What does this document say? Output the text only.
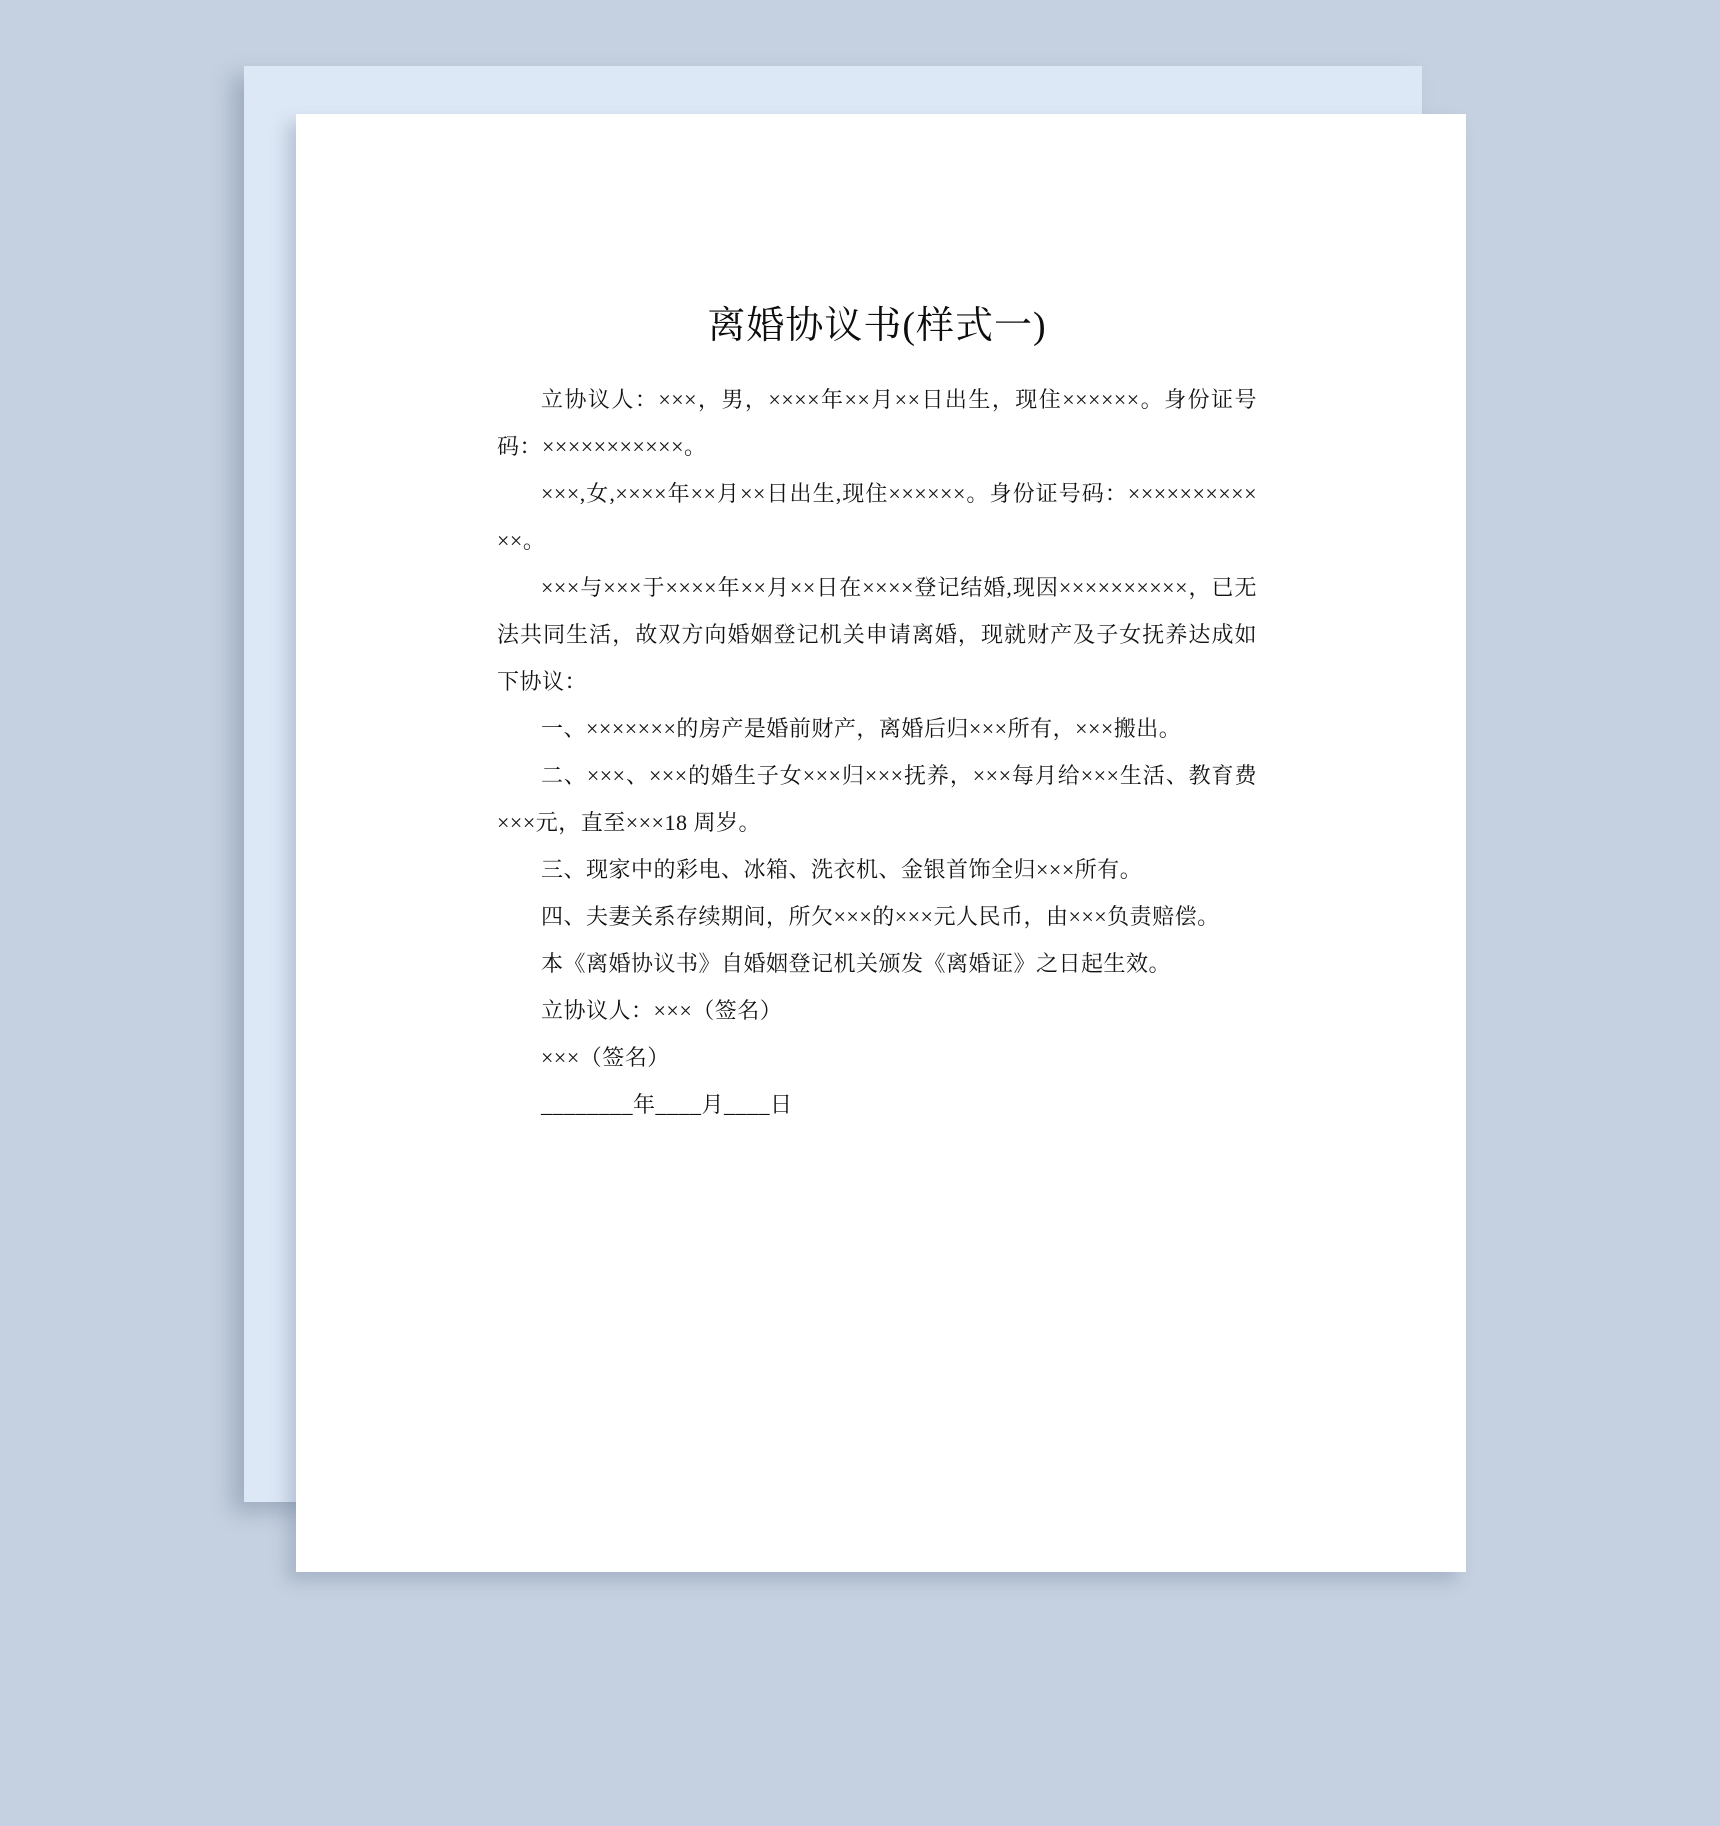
离婚协议书(样式一)

立协议人：×××，男，××××年××月××日出生，现住××××××。身份证号码：×××××××××××。

×××,女,××××年××月××日出生,现住××××××。身份证号码：××××××××××××。

×××与×××于××××年××月××日在××××登记结婚,现因××××××××××，已无法共同生活，故双方向婚姻登记机关申请离婚，现就财产及子女抚养达成如下协议：

一、×××××××的房产是婚前财产，离婚后归×××所有，×××搬出。

二、×××、×××的婚生子女×××归×××抚养，×××每月给×××生活、教育费×××元，直至×××18 周岁。

三、现家中的彩电、冰箱、洗衣机、金银首饰全归×××所有。

四、夫妻关系存续期间，所欠×××的×××元人民币，由×××负责赔偿。

本《离婚协议书》自婚姻登记机关颁发《离婚证》之日起生效。

立协议人：×××（签名）

×××（签名）

________年____月____日
